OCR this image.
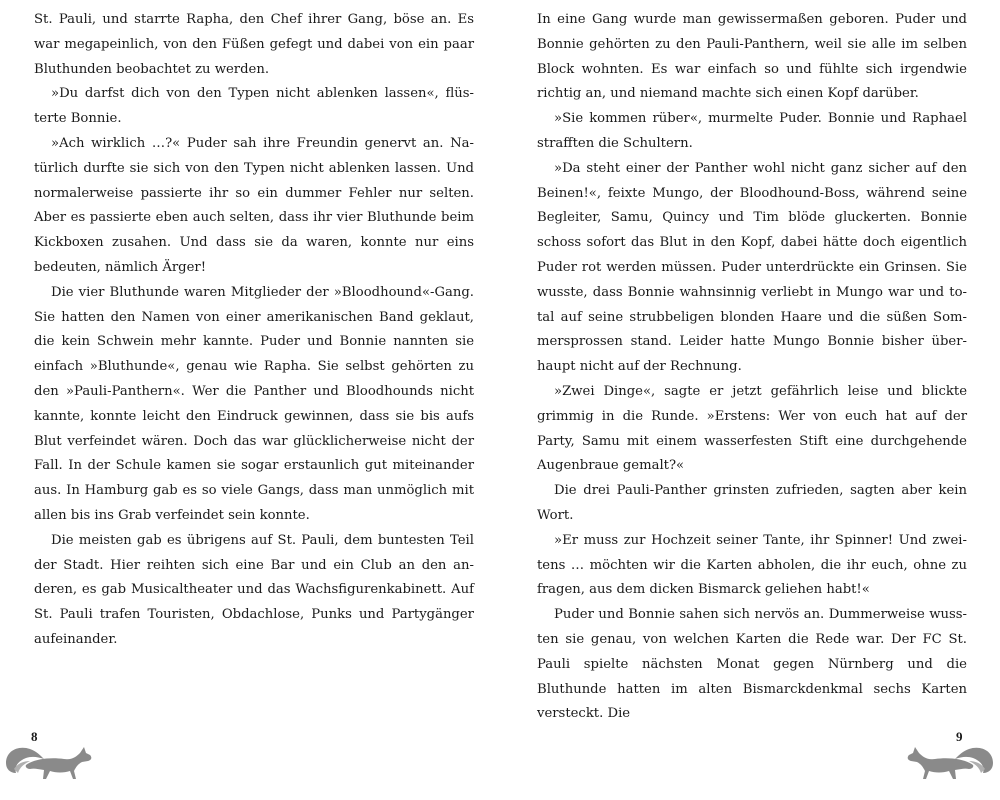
St. Pauli, und starrte Rapha, den Chef ihrer Gang, böse an. Es war megapeinlich, von den Füßen gefegt und dabei von ein paar Bluthunden beobachtet zu werden.

»Du darfst dich von den Typen nicht ablenken lassen«, flüsterte Bonnie.

»Ach wirklich …?« Puder sah ihre Freundin genervt an. Natürlich durfte sie sich von den Typen nicht ablenken lassen. Und normalerweise passierte ihr so ein dummer Fehler nur selten. Aber es passierte eben auch selten, dass ihr vier Bluthunde beim Kickboxen zusahen. Und dass sie da waren, konnte nur eins bedeuten, nämlich Ärger!

Die vier Bluthunde waren Mitglieder der »Bloodhound«-Gang. Sie hatten den Namen von einer amerikanischen Band geklaut, die kein Schwein mehr kannte. Puder und Bonnie nannten sie einfach »Bluthunde«, genau wie Rapha. Sie selbst gehörten zu den »Pauli-Panthern«. Wer die Panther und Bloodhounds nicht kannte, konnte leicht den Eindruck gewinnen, dass sie bis aufs Blut verfeindet wären. Doch das war glücklicherweise nicht der Fall. In der Schule kamen sie sogar erstaunlich gut miteinander aus. In Hamburg gab es so viele Gangs, dass man unmöglich mit allen bis ins Grab verfeindet sein konnte.

Die meisten gab es übrigens auf St. Pauli, dem buntesten Teil der Stadt. Hier reihten sich eine Bar und ein Club an den anderen, es gab Musicaltheater und das Wachsfigurenkabinett. Auf St. Pauli trafen Touristen, Obdachlose, Punks und Partygänger aufeinander.

In eine Gang wurde man gewissermaßen geboren. Puder und Bonnie gehörten zu den Pauli-Panthern, weil sie alle im selben Block wohnten. Es war einfach so und fühlte sich irgendwie richtig an, und niemand machte sich einen Kopf darüber.

»Sie kommen rüber«, murmelte Puder. Bonnie und Raphael strafften die Schultern.

»Da steht einer der Panther wohl nicht ganz sicher auf den Beinen!«, feixte Mungo, der Bloodhound-Boss, während seine Begleiter, Samu, Quincy und Tim blöde gluckerten. Bonnie schoss sofort das Blut in den Kopf, dabei hätte doch eigentlich Puder rot werden müssen. Puder unterdrückte ein Grinsen. Sie wusste, dass Bonnie wahnsinnig verliebt in Mungo war und total auf seine strubbeligen blonden Haare und die süßen Sommersprossen stand. Leider hatte Mungo Bonnie bisher überhaupt nicht auf der Rechnung.

»Zwei Dinge«, sagte er jetzt gefährlich leise und blickte grimmig in die Runde. »Erstens: Wer von euch hat auf der Party, Samu mit einem wasserfesten Stift eine durchgehende Augenbraue gemalt?«

Die drei Pauli-Panther grinsten zufrieden, sagten aber kein Wort.

»Er muss zur Hochzeit seiner Tante, ihr Spinner! Und zweitens … möchten wir die Karten abholen, die ihr euch, ohne zu fragen, aus dem dicken Bismarck geliehen habt!«

Puder und Bonnie sahen sich nervös an. Dummerweise wussten sie genau, von welchen Karten die Rede war. Der FC St. Pauli spielte nächsten Monat gegen Nürnberg und die Bluthunde hatten im alten Bismarckdenkmal sechs Karten versteckt. Die

8	9
